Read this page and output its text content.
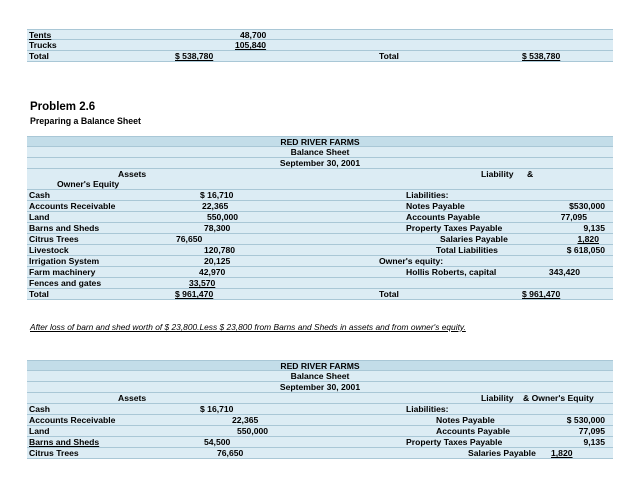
Tents	48,700
Trucks	105,840
Total	$ 538,780	Total	$ 538,780
Problem 2.6
Preparing a Balance Sheet
RED RIVER FARMS
Balance Sheet
September 30, 2001
Assets	Liability &
Owner's Equity
Cash	$ 16,710	Liabilities:
Accounts Receivable	22,365	Notes Payable	$530,000
Land	550,000	Accounts Payable	77,095
Barns and Sheds	78,300	Property Taxes Payable	9,135
Citrus Trees	76,650	Salaries Payable	1,820
Livestock	120,780	Total Liabilities	$ 618,050
Irrigation System	20,125	Owner's equity:
Farm machinery	42,970	Hollis Roberts, capital	343,420
Fences and gates	33,570
Total	$ 961,470	Total	$ 961,470
After loss of barn and shed worth of $ 23,800.Less $ 23,800 from Barns and Sheds in assets and from owner's equity.
RED RIVER FARMS
Balance Sheet
September 30, 2001
Assets	Liability & Owner's Equity
Cash	$ 16,710	Liabilities:
Accounts Receivable	22,365	Notes Payable	$ 530,000
Land	550,000	Accounts Payable	77,095
Barns and Sheds	54,500	Property Taxes Payable	9,135
Citrus Trees	76,650	Salaries Payable 1,820
